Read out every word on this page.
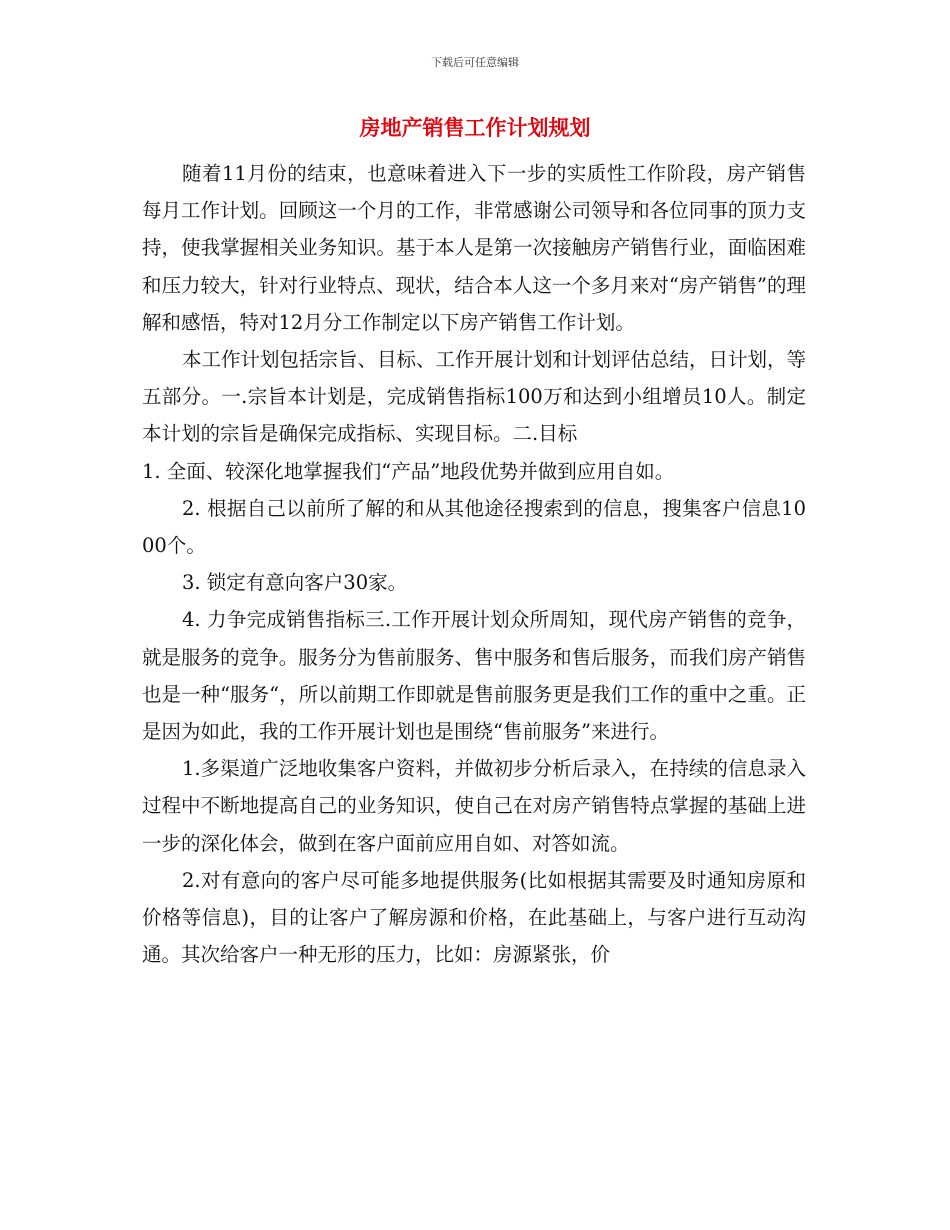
下载后可任意编辑
房地产销售工作计划规划

随着11月份的结束，也意味着进入下一步的实质性工作阶段，房产销售每月工作计划。回顾这一个月的工作，非常感谢公司领导和各位同事的顶力支持，使我掌握相关业务知识。基于本人是第一次接触房产销售行业，面临困难和压力较大，针对行业特点、现状，结合本人这一个多月来对“房产销售”的理解和感悟，特对12月分工作制定以下房产销售工作计划。

本工作计划包括宗旨、目标、工作开展计划和计划评估总结，日计划，等五部分。一.宗旨本计划是，完成销售指标100万和达到小组增员10人。制定本计划的宗旨是确保完成指标、实现目标。二.目标

1. 全面、较深化地掌握我们“产品”地段优势并做到应用自如。

2. 根据自己以前所了解的和从其他途径搜索到的信息，搜集客户信息1000个。

3. 锁定有意向客户30家。

4. 力争完成销售指标三.工作开展计划众所周知，现代房产销售的竞争，就是服务的竞争。服务分为售前服务、售中服务和售后服务，而我们房产销售也是一种“服务“，所以前期工作即就是售前服务更是我们工作的重中之重。正是因为如此，我的工作开展计划也是围绕“售前服务”来进行。

1.多渠道广泛地收集客户资料，并做初步分析后录入，在持续的信息录入过程中不断地提高自己的业务知识，使自己在对房产销售特点掌握的基础上进一步的深化体会，做到在客户面前应用自如、对答如流。

2.对有意向的客户尽可能多地提供服务(比如根据其需要及时通知房原和价格等信息)，目的让客户了解房源和价格，在此基础上，与客户进行互动沟通。其次给客户一种无形的压力，比如：房源紧张，价
